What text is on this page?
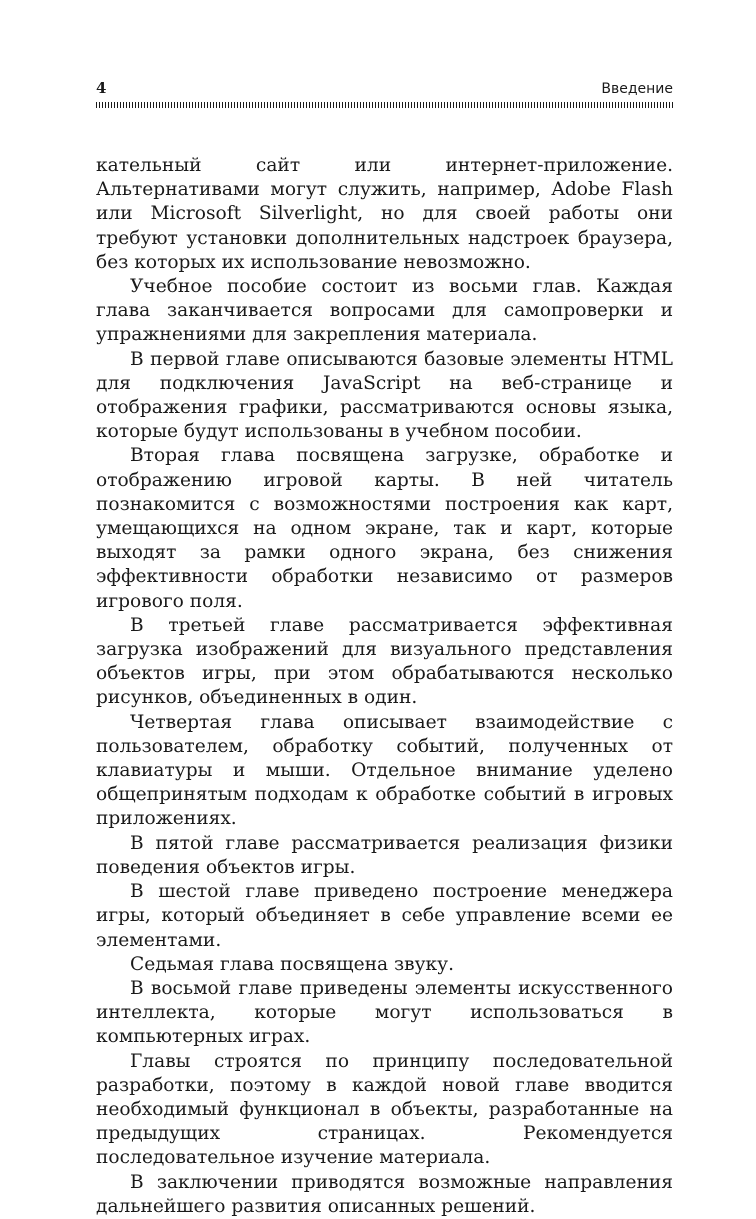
4	Введение

кательный сайт или интернет-приложение. Альтернативами могут служить, например, Adobe Flash или Microsoft Silverlight, но для своей работы они требуют установки дополнительных надстроек браузера, без которых их использование невозможно.

Учебное пособие состоит из восьми глав. Каждая глава заканчивается вопросами для самопроверки и упражнениями для закрепления материала.

В первой главе описываются базовые элементы HTML для подключения JavaScript на веб-странице и отображения графики, рассматриваются основы языка, которые будут использованы в учебном пособии.

Вторая глава посвящена загрузке, обработке и отображению игровой карты. В ней читатель познакомится с возможностями построения как карт, умещающихся на одном экране, так и карт, которые выходят за рамки одного экрана, без снижения эффективности обработки независимо от размеров игрового поля.

В третьей главе рассматривается эффективная загрузка изображений для визуального представления объектов игры, при этом обрабатываются несколько рисунков, объединенных в один.

Четвертая глава описывает взаимодействие с пользователем, обработку событий, полученных от клавиатуры и мыши. Отдельное внимание уделено общепринятым подходам к обработке событий в игровых приложениях.

В пятой главе рассматривается реализация физики поведения объектов игры.

В шестой главе приведено построение менеджера игры, который объединяет в себе управление всеми ее элементами.

Седьмая глава посвящена звуку.

В восьмой главе приведены элементы искусственного интеллекта, которые могут использоваться в компьютерных играх.

Главы строятся по принципу последовательной разработки, поэтому в каждой новой главе вводится необходимый функционал в объекты, разработанные на предыдущих страницах. Рекомендуется последовательное изучение материала.

В заключении приводятся возможные направления дальнейшего развития описанных решений.
